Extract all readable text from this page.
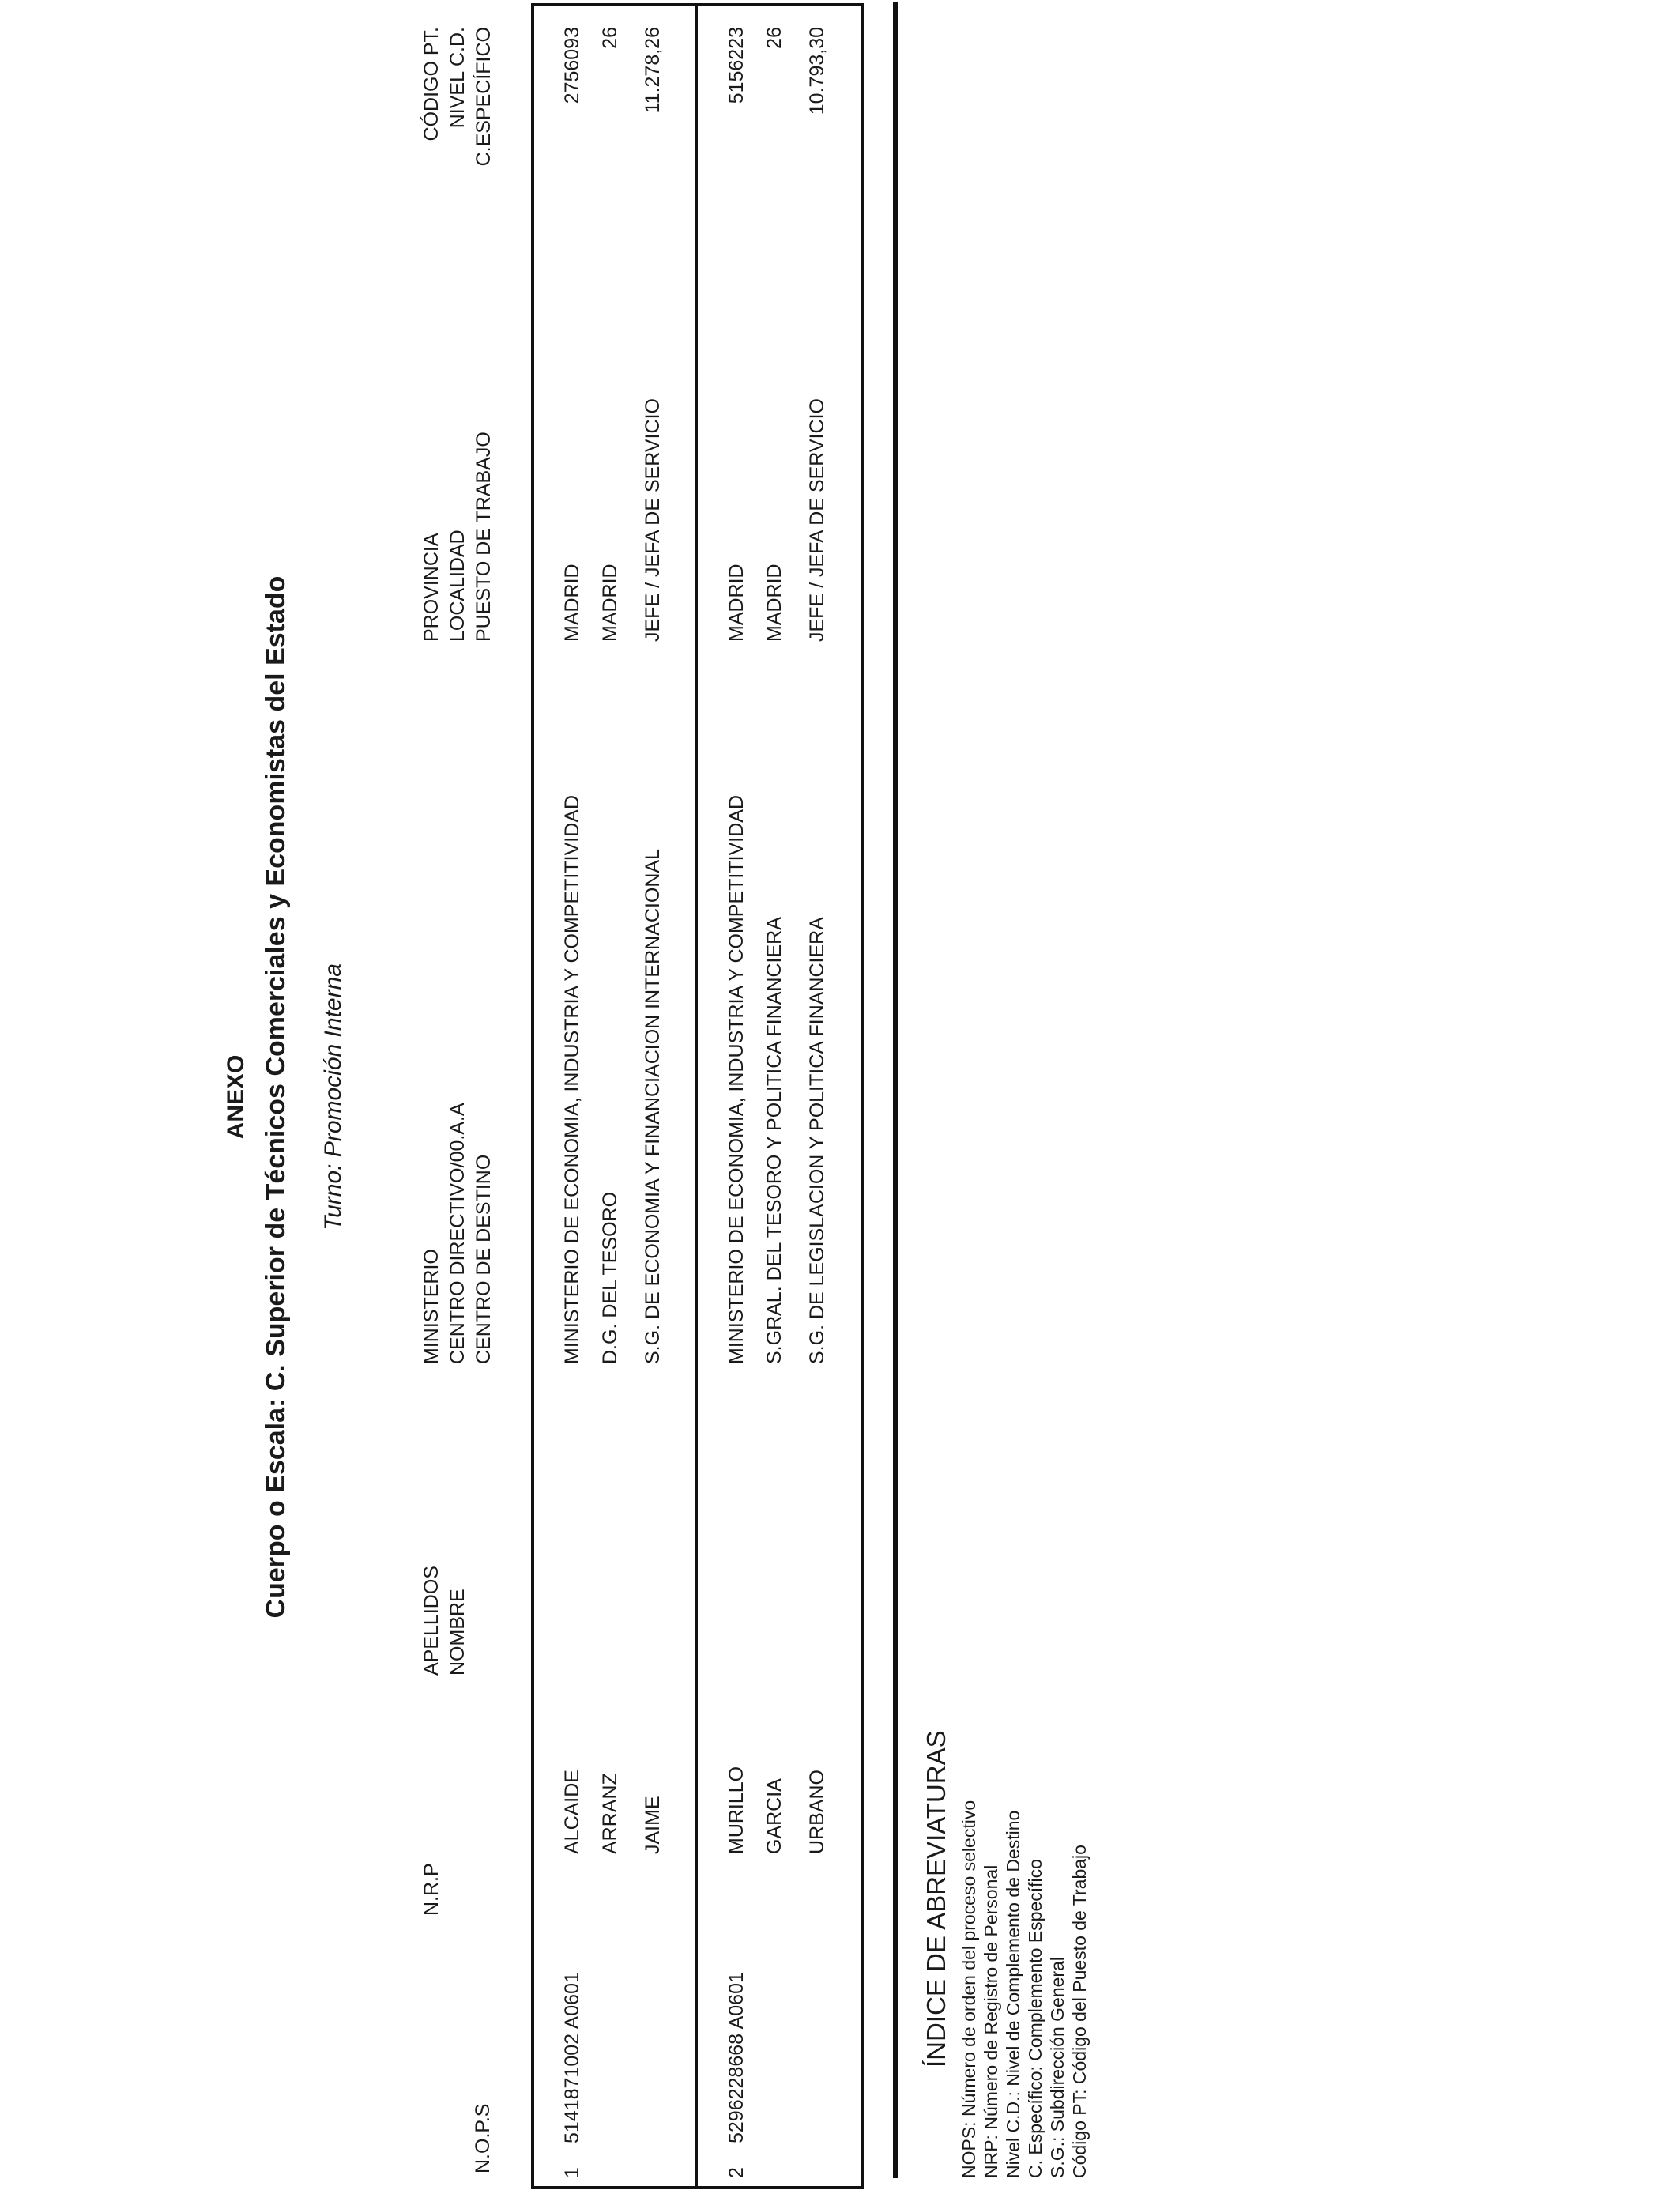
ANEXO Cuerpo o Escala: C. Superior de Técnicos Comerciales y Economistas del Estado Turno: Promoción Interna
N.O.P.S
N.R.P
APELLIDOS NOMBRE
MINISTERIO CENTRO DIRECTIVO/00.A.A CENTRO DE DESTINO
PROVINCIA LOCALIDAD PUESTO DE TRABAJO
CÓDIGO PT. NIVEL C.D. C.ESPECÍFICO
1
5141871002 A0601
ALCAIDE ARRANZ JAIME
MINISTERIO DE ECONOMIA, INDUSTRIA Y COMPETITIVIDAD D.G. DEL TESORO S.G. DE ECONOMIA Y FINANCIACION INTERNACIONAL
MADRID MADRID JEFE / JEFA DE SERVICIO
2756093 26 11.278,26
2
5296228668 A0601
MURILLO GARCIA URBANO
MINISTERIO DE ECONOMIA, INDUSTRIA Y COMPETITIVIDAD S.GRAL. DEL TESORO Y POLITICA FINANCIERA S.G. DE LEGISLACION Y POLITICA FINANCIERA
MADRID MADRID JEFE / JEFA DE SERVICIO
5156223 26 10.793,30
ÍNDICE DE ABREVIATURAS NOPS: Número de orden del proceso selectivo NRP: Número de Registro de Personal Nivel C.D.: Nivel de Complemento de Destino C. Específico: Complemento Específico S.G.: Subdirección General Código PT: Código del Puesto de Trabajo
